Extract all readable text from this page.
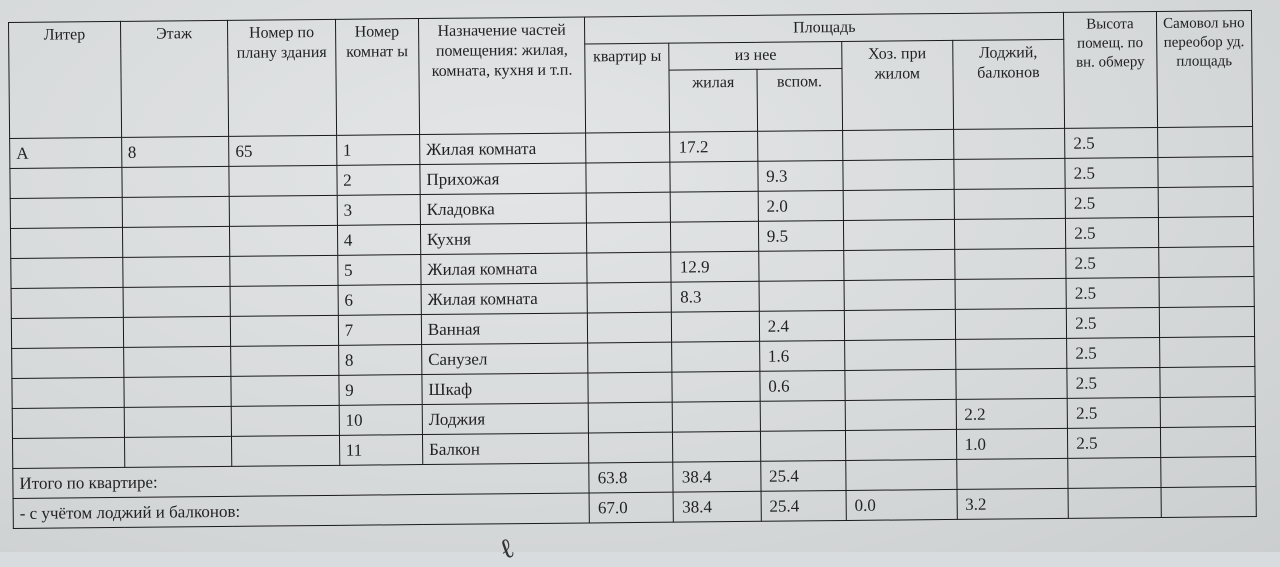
Литер	Этаж	Номер по плану здания	Номер комнат ы	Назначение частей помещения: жилая, комната, кухня и т.п.	Площадь					Высота помещ. по вн. обмеру	Самовол ьно переобор уд. площадь
					квартир ы	из нее		Хоз. при жилом	Лоджий, балконов		
						жилая	вспом.				
А	8	65	1	Жилая комната		17.2				2.5	
			2	Прихожая			9.3			2.5	
			3	Кладовка			2.0			2.5	
			4	Кухня			9.5			2.5	
			5	Жилая комната		12.9				2.5	
			6	Жилая комната		8.3				2.5	
			7	Ванная			2.4			2.5	
			8	Санузел			1.6			2.5	
			9	Шкаф			0.6			2.5	
			10	Лоджия					2.2	2.5	
			11	Балкон					1.0	2.5	
Итого по квартире:					63.8	38.4	25.4				
- с учётом лоджий и балконов:					67.0	38.4	25.4	0.0	3.2		
ℓ
